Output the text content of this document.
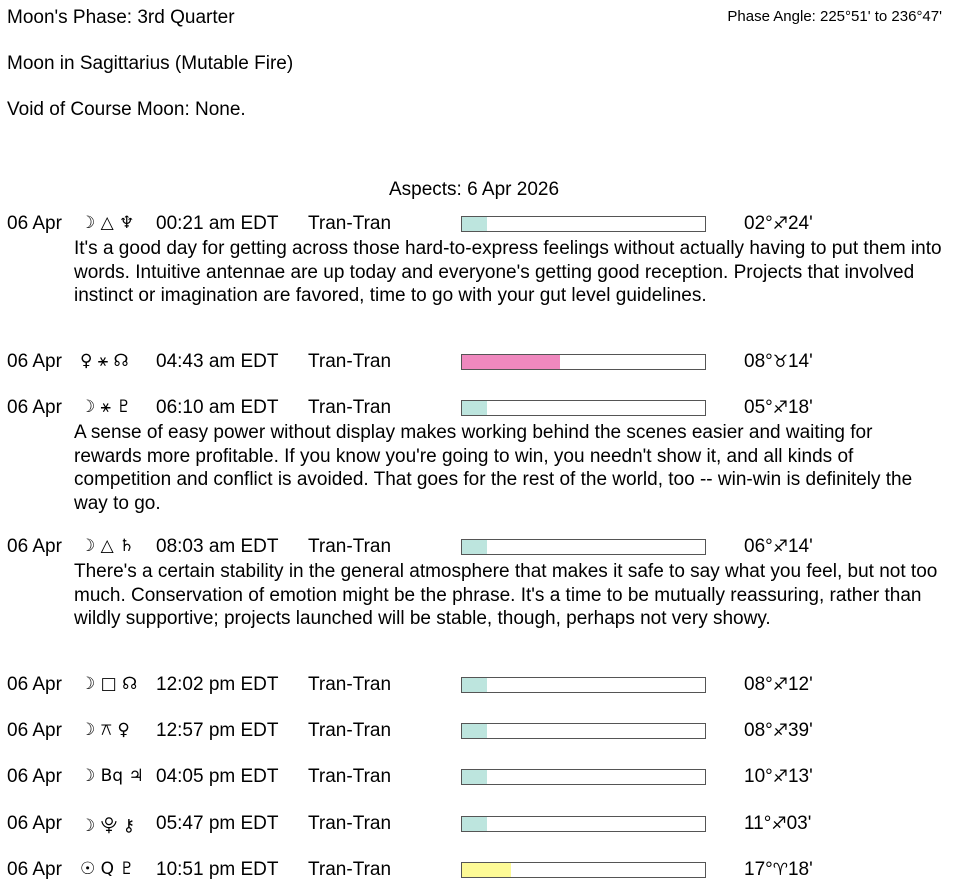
Moon's Phase: 3rd Quarter	Phase Angle: 225°51' to 236°47'
Moon in Sagittarius (Mutable Fire)
Void of Course Moon: None.
Aspects: 6 Apr 2026
06 Apr ☽ △ ♆ 00:21 am EDT Tran-Tran	02°♐24'
It's a good day for getting across those hard-to-express feelings without actually having to put them into words. Intuitive antennae are up today and everyone's getting good reception. Projects that involved instinct or imagination are favored, time to go with your gut level guidelines.
06 Apr ♀ ⚹ ☊ 04:43 am EDT Tran-Tran	08°♉14'
06 Apr ☽ ⚹ ♇ 06:10 am EDT Tran-Tran	05°♐18'
A sense of easy power without display makes working behind the scenes easier and waiting for rewards more profitable. If you know you're going to win, you needn't show it, and all kinds of competition and conflict is avoided. That goes for the rest of the world, too -- win-win is definitely the way to go.
06 Apr ☽ △ ♄ 08:03 am EDT Tran-Tran	06°♐14'
There's a certain stability in the general atmosphere that makes it safe to say what you feel, but not too much. Conservation of emotion might be the phrase. It's a time to be mutually reassuring, rather than wildly supportive; projects launched will be stable, though, perhaps not very showy.
06 Apr ☽ □ ☊ 12:02 pm EDT Tran-Tran	08°♐12'
06 Apr ☽ ⚻ ♀ 12:57 pm EDT Tran-Tran	08°♐39'
06 Apr ☽ Bq ♃ 04:05 pm EDT Tran-Tran	10°♐13'
06 Apr ☽ ⯓ ⚷ 05:47 pm EDT Tran-Tran	11°♐03'
06 Apr ☉ Q ♇ 10:51 pm EDT Tran-Tran	17°♈18'
